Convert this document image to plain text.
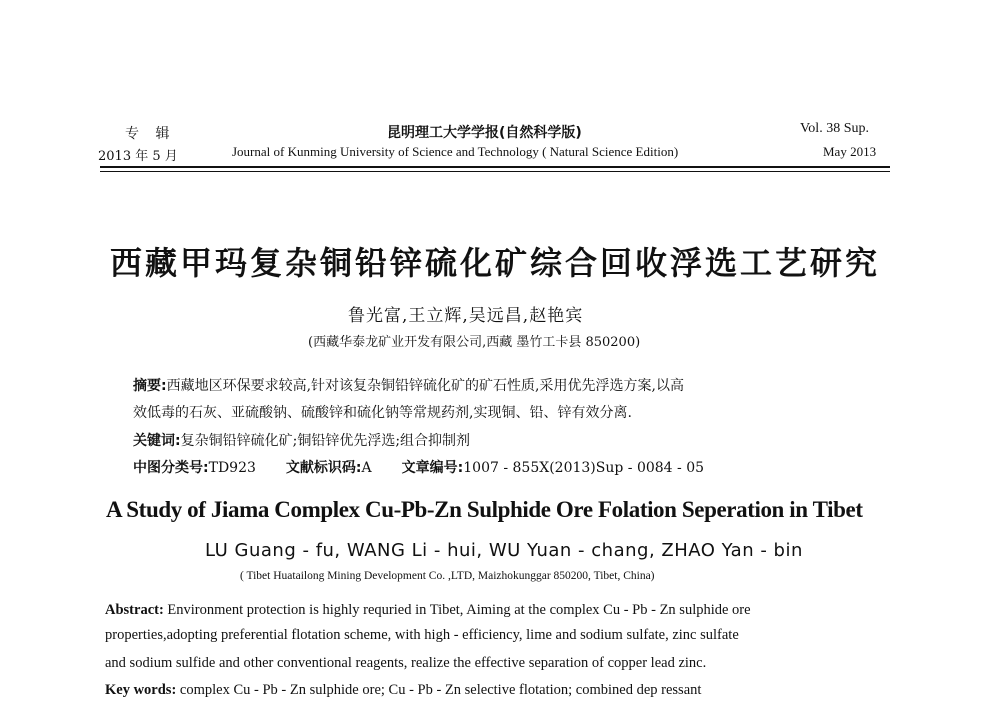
专 辑
2013 年 5 月
昆明理工大学学报(自然科学版)
Journal of Kunming University of Science and Technology ( Natural Science Edition)
Vol. 38 Sup.
May 2013
西藏甲玛复杂铜铅锌硫化矿综合回收浮选工艺研究
鲁光富,王立辉,吴远昌,赵艳宾
(西藏华泰龙矿业开发有限公司,西藏 墨竹工卡县 850200)
摘要:西藏地区环保要求较高,针对该复杂铜铅锌硫化矿的矿石性质,采用优先浮选方案,以高
效低毒的石灰、亚硫酸钠、硫酸锌和硫化钠等常规药剂,实现铜、铅、锌有效分离.
关键词:复杂铜铅锌硫化矿;铜铅锌优先浮选;组合抑制剂
中图分类号:TD923 文献标识码:A 文章编号:1007 - 855X(2013)Sup - 0084 - 05
A Study of Jiama Complex Cu-Pb-Zn Sulphide Ore Folation Seperation in Tibet
LU Guang - fu, WANG Li - hui, WU Yuan - chang, ZHAO Yan - bin
( Tibet Huatailong Mining Development Co. ,LTD, Maizhokunggar 850200, Tibet, China)
Abstract: Environment protection is highly requried in Tibet, Aiming at the complex Cu - Pb - Zn sulphide ore
properties,adopting preferential flotation scheme, with high - efficiency, lime and sodium sulfate, zinc sulfate
and sodium sulfide and other conventional reagents, realize the effective separation of copper lead zinc.
Key words: complex Cu - Pb - Zn sulphide ore; Cu - Pb - Zn selective flotation; combined dep ressant
